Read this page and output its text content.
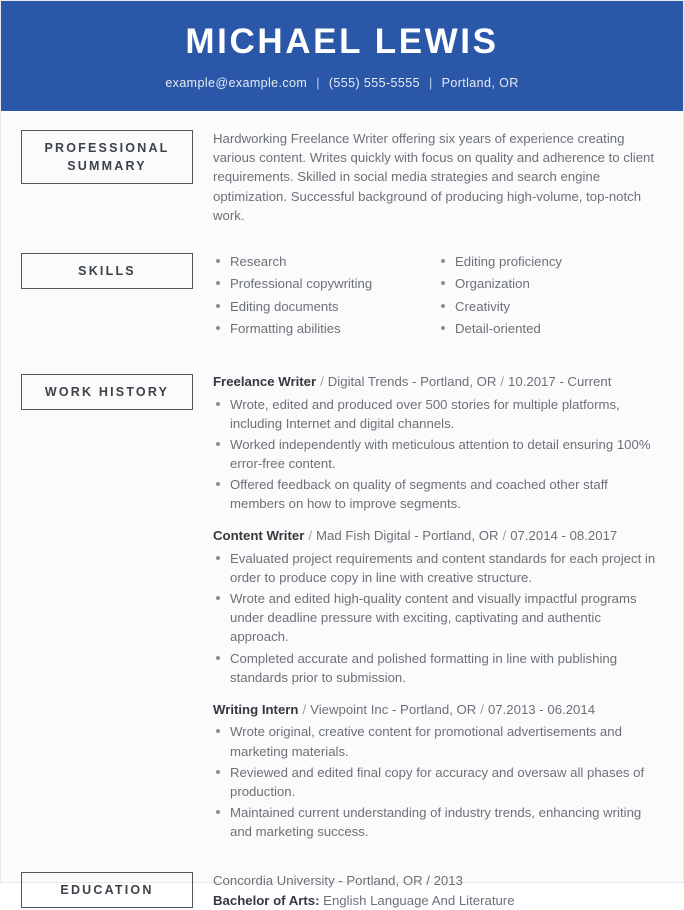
MICHAEL LEWIS
example@example.com | (555) 555-5555 | Portland, OR
PROFESSIONAL
SUMMARY

Hardworking Freelance Writer offering six years of experience creating various content. Writes quickly with focus on quality and adherence to client requirements. Skilled in social media strategies and search engine optimization. Successful background of producing high-volume, top-notch work.

SKILLS
Research
Professional copywriting
Editing documents
Formatting abilities
Editing proficiency
Organization
Creativity
Detail-oriented
WORK HISTORY
Freelance Writer / Digital Trends - Portland, OR / 10.2017 - Current
Wrote, edited and produced over 500 stories for multiple platforms, including Internet and digital channels.
Worked independently with meticulous attention to detail ensuring 100% error-free content.
Offered feedback on quality of segments and coached other staff members on how to improve segments.
Content Writer / Mad Fish Digital - Portland, OR / 07.2014 - 08.2017
Evaluated project requirements and content standards for each project in order to produce copy in line with creative structure.
Wrote and edited high-quality content and visually impactful programs under deadline pressure with exciting, captivating and authentic approach.
Completed accurate and polished formatting in line with publishing standards prior to submission.
Writing Intern / Viewpoint Inc - Portland, OR / 07.2013 - 06.2014
Wrote original, creative content for promotional advertisements and marketing materials.
Reviewed and edited final copy for accuracy and oversaw all phases of production.
Maintained current understanding of industry trends, enhancing writing and marketing success.
EDUCATION
Concordia University - Portland, OR / 2013
Bachelor of Arts: English Language And Literature
